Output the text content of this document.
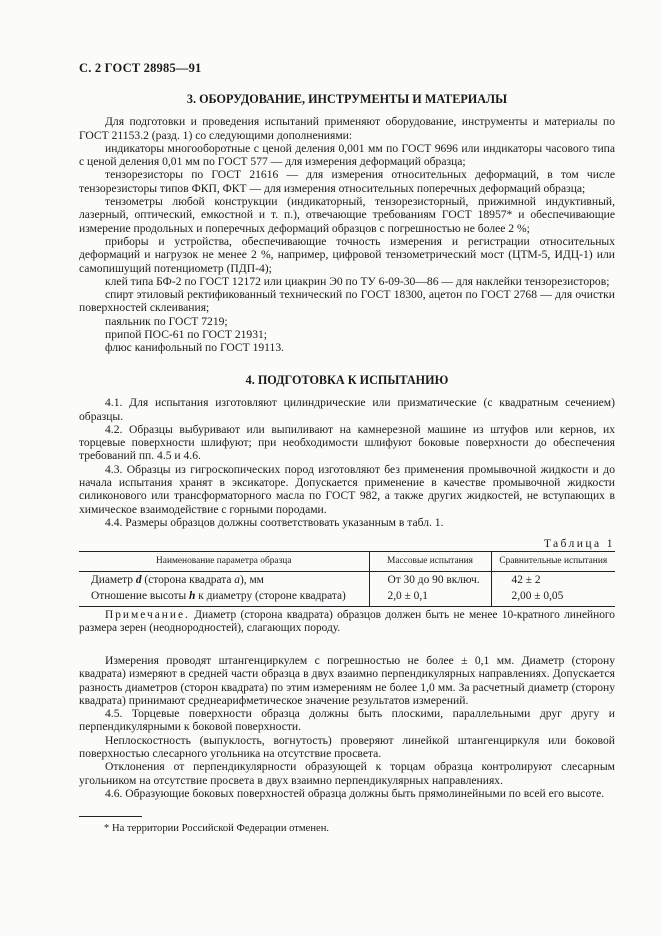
С. 2 ГОСТ 28985—91
3. ОБОРУДОВАНИЕ, ИНСТРУМЕНТЫ И МАТЕРИАЛЫ

Для подготовки и проведения испытаний применяют оборудование, инструменты и материалы по ГОСТ 21153.2 (разд. 1) со следующими дополнениями:

индикаторы многооборотные с ценой деления 0,001 мм по ГОСТ 9696 или индикаторы часового типа с ценой деления 0,01 мм по ГОСТ 577 — для измерения деформаций образца;

тензорезисторы по ГОСТ 21616 — для измерения относительных деформаций, в том числе тензорезисторы типов ФКП, ФКТ — для измерения относительных поперечных деформаций образца;

тензометры любой конструкции (индикаторный, тензорезисторный, прижимной индуктивный, лазерный, оптический, емкостной и т. п.), отвечающие требованиям ГОСТ 18957* и обеспечивающие измерение продольных и поперечных деформаций образцов с погрешностью не более 2 %;

приборы и устройства, обеспечивающие точность измерения и регистрации относительных деформаций и нагрузок не менее 2 %, например, цифровой тензометрический мост (ЦТМ-5, ИДЦ-1) или самопишущий потенциометр (ПДП-4);

клей типа БФ-2 по ГОСТ 12172 или циакрин Э0 по ТУ 6-09-30—86 — для наклейки тензорезисторов;

спирт этиловый ректификованный технический по ГОСТ 18300, ацетон по ГОСТ 2768 — для очистки поверхностей склеивания;

паяльник по ГОСТ 7219;

припой ПОС-61 по ГОСТ 21931;

флюс канифольный по ГОСТ 19113.

4. ПОДГОТОВКА К ИСПЫТАНИЮ

4.1. Для испытания изготовляют цилиндрические или призматические (с квадратным сечением) образцы.

4.2. Образцы выбуривают или выпиливают на камнерезной машине из штуфов или кернов, их торцевые поверхности шлифуют; при необходимости шлифуют боковые поверхности до обеспечения требований пп. 4.5 и 4.6.

4.3. Образцы из гигроскопических пород изготовляют без применения промывочной жидкости и до начала испытания хранят в эксикаторе. Допускается применение в качестве промывочной жидкости силиконового или трансформаторного масла по ГОСТ 982, а также других жидкостей, не вступающих в химическое взаимодействие с горными породами.

4.4. Размеры образцов должны соответствовать указанным в табл. 1.

Таблица 1
Наименование параметра образца	Массовые испытания	Сравнительные испытания
Диаметр d (сторона квадрата a), мм	От 30 до 90 включ.	42 ± 2
Отношение высоты h к диаметру (стороне квадрата)	2,0 ± 0,1	2,00 ± 0,05

Примечание. Диаметр (сторона квадрата) образцов должен быть не менее 10-кратного линейного размера зерен (неоднородностей), слагающих породу.

Измерения проводят штангенциркулем с погрешностью не более ± 0,1 мм. Диаметр (сторону квадрата) измеряют в средней части образца в двух взаимно перпендикулярных направлениях. Допускается разность диаметров (сторон квадрата) по этим измерениям не более 1,0 мм. За расчетный диаметр (сторону квадрата) принимают среднеарифметическое значение результатов измерений.

4.5. Торцевые поверхности образца должны быть плоскими, параллельными друг другу и перпендикулярными к боковой поверхности.

Неплоскостность (выпуклость, вогнутость) проверяют линейкой штангенциркуля или боковой поверхностью слесарного угольника на отсутствие просвета.

Отклонения от перпендикулярности образующей к торцам образца контролируют слесарным угольником на отсутствие просвета в двух взаимно перпендикулярных направлениях.

4.6. Образующие боковых поверхностей образца должны быть прямолинейными по всей его высоте.

* На территории Российской Федерации отменен.
